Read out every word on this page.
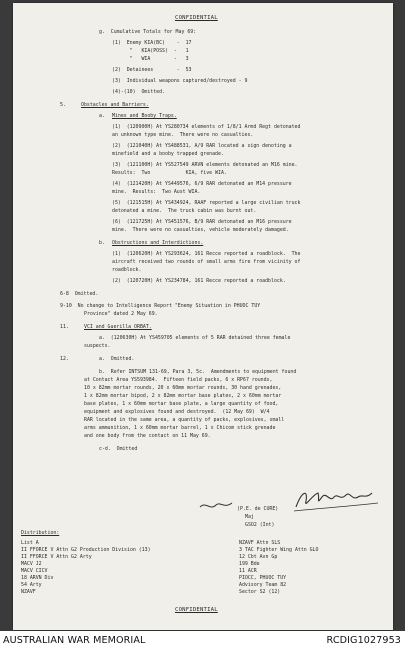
CONFIDENTIAL
g.  Cumulative Totals for May 69:
(1)  Enemy KIA(BC)    -  17
"   KIA(POSS)  -   1
"   WIA        -   3
(2)  Detainees        -  53
(3)  Individual weapons captured/destroyed - 9
(4)-(10)  Omitted.
5.	Obstacles and Barriers.
a. Mines and Booby Traps.
(1)  (120900H) At YS280734 elements of 1/8/1 Armd Regt detonated
an unknown type mine.  There were no casualties.
(2)  (121040H) At YS488531, A/9 RAR located a sign denoting a
minefield and a booby trapped grenade.
(3)  (121100H) At YS527549 ARVN elements detonated an M16 mine.
Results:  Two            KIA, five WIA.
(4)  (121420H) At YS449576, 6/9 RAR detonated an M14 pressure
mine.  Results:  Two Aust WIA.
(5)  (121515H) At YS434924, RAAF reported a large civilian truck
detonated a mine.  The truck cabin was burnt out.
(6)  (121725H) At YS451576, B/9 RAR detonated an M16 pressure
mine.  There were no casualties, vehicle moderately damaged.
b. Obstructions and Interdictions.
(1)  (120620H) At YS293624, 161 Recce reported a roadblock.  The
aircraft received two rounds of small arms fire from vicinity of
roadblock.
(2)  (120720H) At YS234784, 161 Recce reported a roadblock.
6-8  Omitted.
9-10  No change to Intelligence Report "Enemy Situation in PHUOC TUY
Province" dated 2 May 69.
11.	VCI and Guerilla ORBAT.
a.  (120630H) At YS459705 elements of 5 RAR detained three female
suspects.
12.	a.  Omitted.
b.  Refer INTSUM 131-69, Para 3, 5c.  Amendments to equipment found
at Contact Area YS593984.  Fifteen field packs, 6 x RP67 rounds,
10 x 82mm mortar rounds, 20 x 60mm mortar rounds, 30 hand grenades,
1 x 82mm mortar bipod, 2 x 82mm mortar base plates, 2 x 60mm mortar
base plates, 1 x 60mm mortar base plate, a large quantity of food,
equipment and explosives found and destroyed.  (12 May 69)  W/4
RAR located in the same area, a quantity of packs, explosives, small
arms ammunition, 1 x 60mm mortar barrel, 1 x Chicom stick grenade
and one body from the contact on 11 May 69.
c-d.  Omitted
(P.E. de CURE)
Maj
GSO2 (Int)
Distribution:
List A
II FFORCE V Attn G2 Production Division (13)
II FFORCE V Attn G2 Arty
MACV J2
MACV CICV
18 ARVN Div
54 Arty
NZAVF
NZAVF Attn SLS
3 TAC Fighter Wing Attn GLO
12 Cbt Avn Gp
199 Bde
11 ACR
PIOCC, PHUOC TUY
Advisory Team 82
Sector S2 (12)
CONFIDENTIAL
AUSTRALIAN WAR MEMORIAL	RCDIG1027953
